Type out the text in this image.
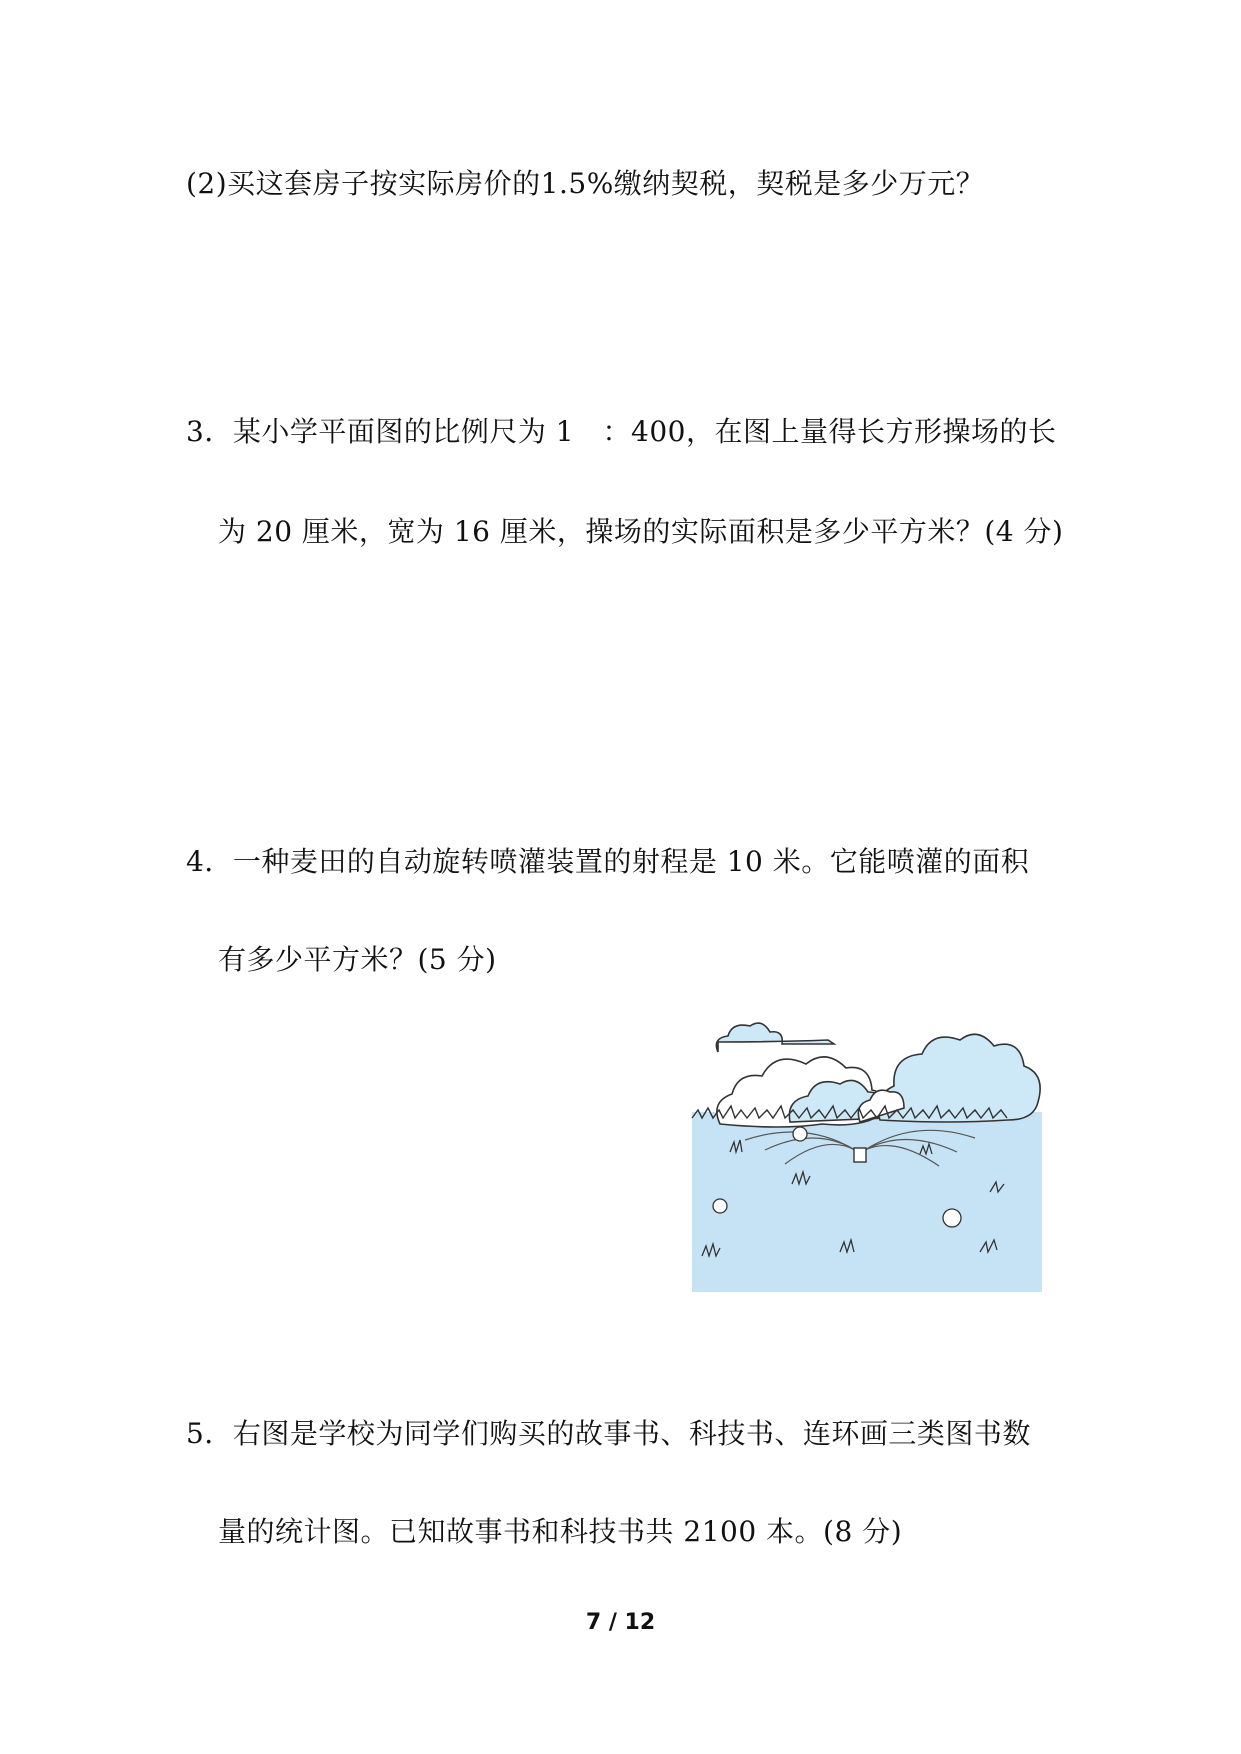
(2)买这套房子按实际房价的1.5%缴纳契税，契税是多少万元？
3．某小学平面图的比例尺为 1　：400，在图上量得长方形操场的长
为 20 厘米，宽为 16 厘米，操场的实际面积是多少平方米？(4 分)
4．一种麦田的自动旋转喷灌装置的射程是 10 米。它能喷灌的面积
有多少平方米？(5 分)
5．右图是学校为同学们购买的故事书、科技书、连环画三类图书数
量的统计图。已知故事书和科技书共 2100 本。(8 分)
7 / 12
